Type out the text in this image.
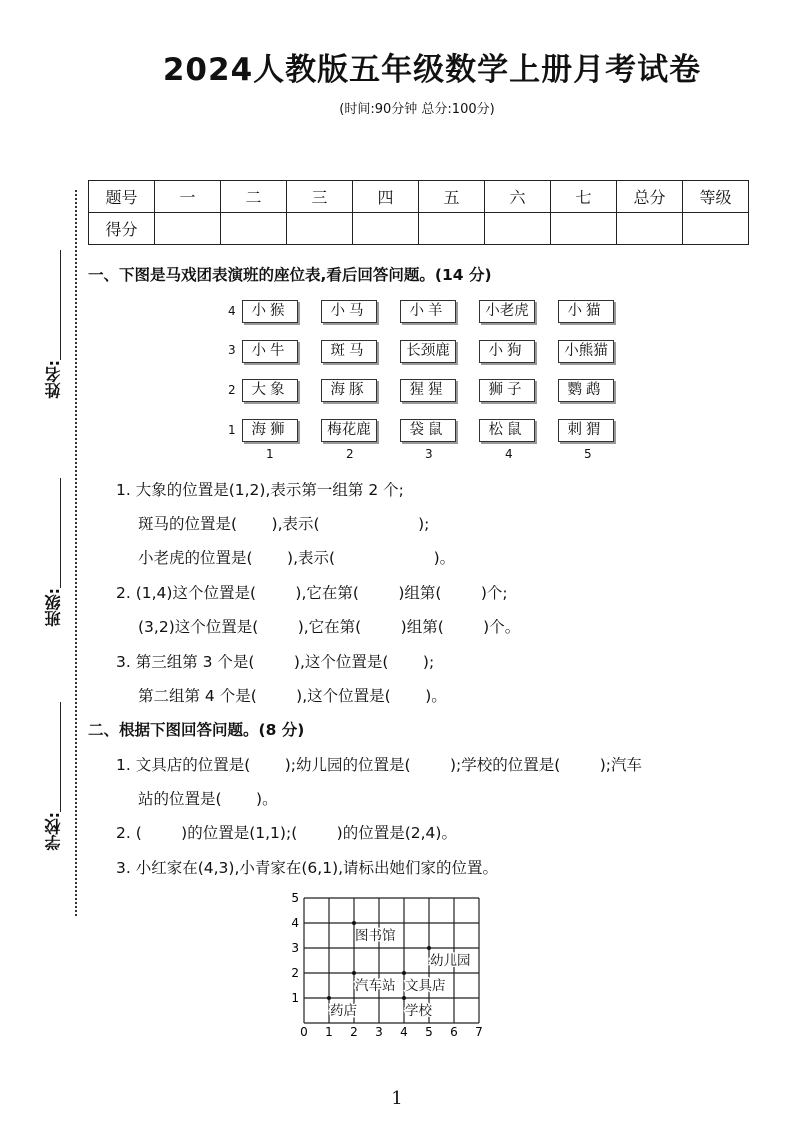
2024人教版五年级数学上册月考试卷
(时间:90分钟 总分:100分)
姓名:
班级:
学校:
题号	一	二	三	四	五	六	七	总分	等级
得分									
一、下图是马戏团表演班的座位表,看后回答问题。(14 分)
4
3
2
1
小猴	小马	小羊	小老虎	小猫
小牛	斑马	长颈鹿	小狗	小熊猫
大象	海豚	猩猩	狮子	鹦鹉
海狮	梅花鹿	袋鼠	松鼠	刺猬
1	2	3	4	5
1. 大象的位置是(1,2),表示第一组第 2 个;
斑马的位置是(       ),表示(                    );
小老虎的位置是(       ),表示(                    )。
2. (1,4)这个位置是(        ),它在第(        )组第(        )个;
(3,2)这个位置是(        ),它在第(        )组第(        )个。
3. 第三组第 3 个是(        ),这个位置是(       );
第二组第 4 个是(        ),这个位置是(       )。
二、根据下图回答问题。(8 分)
1. 文具店的位置是(       );幼儿园的位置是(        );学校的位置是(        );汽车
站的位置是(       )。
2. (        )的位置是(1,1);(        )的位置是(2,4)。
3. 小红家在(4,3),小青家在(6,1),请标出她们家的位置。
0 1 2 3 4 5 6 7
1
2
3
4
5
图书馆
幼儿园
汽车站 文具店
药店	学校
1
